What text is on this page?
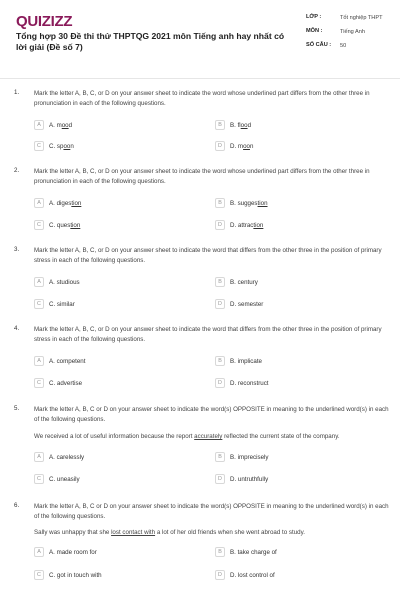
QUIZIZZ
Tổng hợp 30 Đề thi thử THPTQG 2021 môn Tiếng anh hay nhất có lời giải (Đề số 7)
LỚP :	Tốt nghiệp THPT
MÔN :	Tiếng Anh
SỐ CÂU :	50
1. Mark the letter A, B, C, or D on your answer sheet to indicate the word whose underlined part differs from the other three in pronunciation in each of the following questions.
A	A. m oo d	B	B. fl oo d
C	C. sp oo n	D	D. m oo n
2. Mark the letter A, B, C, or D on your answer sheet to indicate the word whose underlined part differs from the other three in pronunciation in each of the following questions.
A	A. diges tion	B	B. sugges tion
C	C. ques tion	D	D. attrac tion
3. Mark the letter A, B, C, or D on your answer sheet to indicate the word that differs from the other three in the position of primary stress in each of the following questions.
A	A. studious	B	B. century
C	C. similar	D	D. semester
4. Mark the letter A, B, C, or D on your answer sheet to indicate the word that differs from the other three in the position of primary stress in each of the following questions.
A	A. competent	B	B. implicate
C	C. advertise	D	D. reconstruct
5. Mark the letter A, B, C or D on your answer sheet to indicate the word(s) OPPOSITE in meaning to the underlined word(s) in each of the following questions.
We received a lot of useful information because the report accurately reflected the current state of the company.
A	A. carelessly	B	B. imprecisely
C	C. uneasily	D	D. untruthfully
6. Mark the letter A, B, C or D on your answer sheet to indicate the word(s) OPPOSITE in meaning to the underlined word(s) in each of the following questions.
Sally was unhappy that she lost contact with a lot of her old friends when she went abroad to study.
A	A. made room for	B	B. take charge of
C	C. got in touch with	D	D. lost control of
